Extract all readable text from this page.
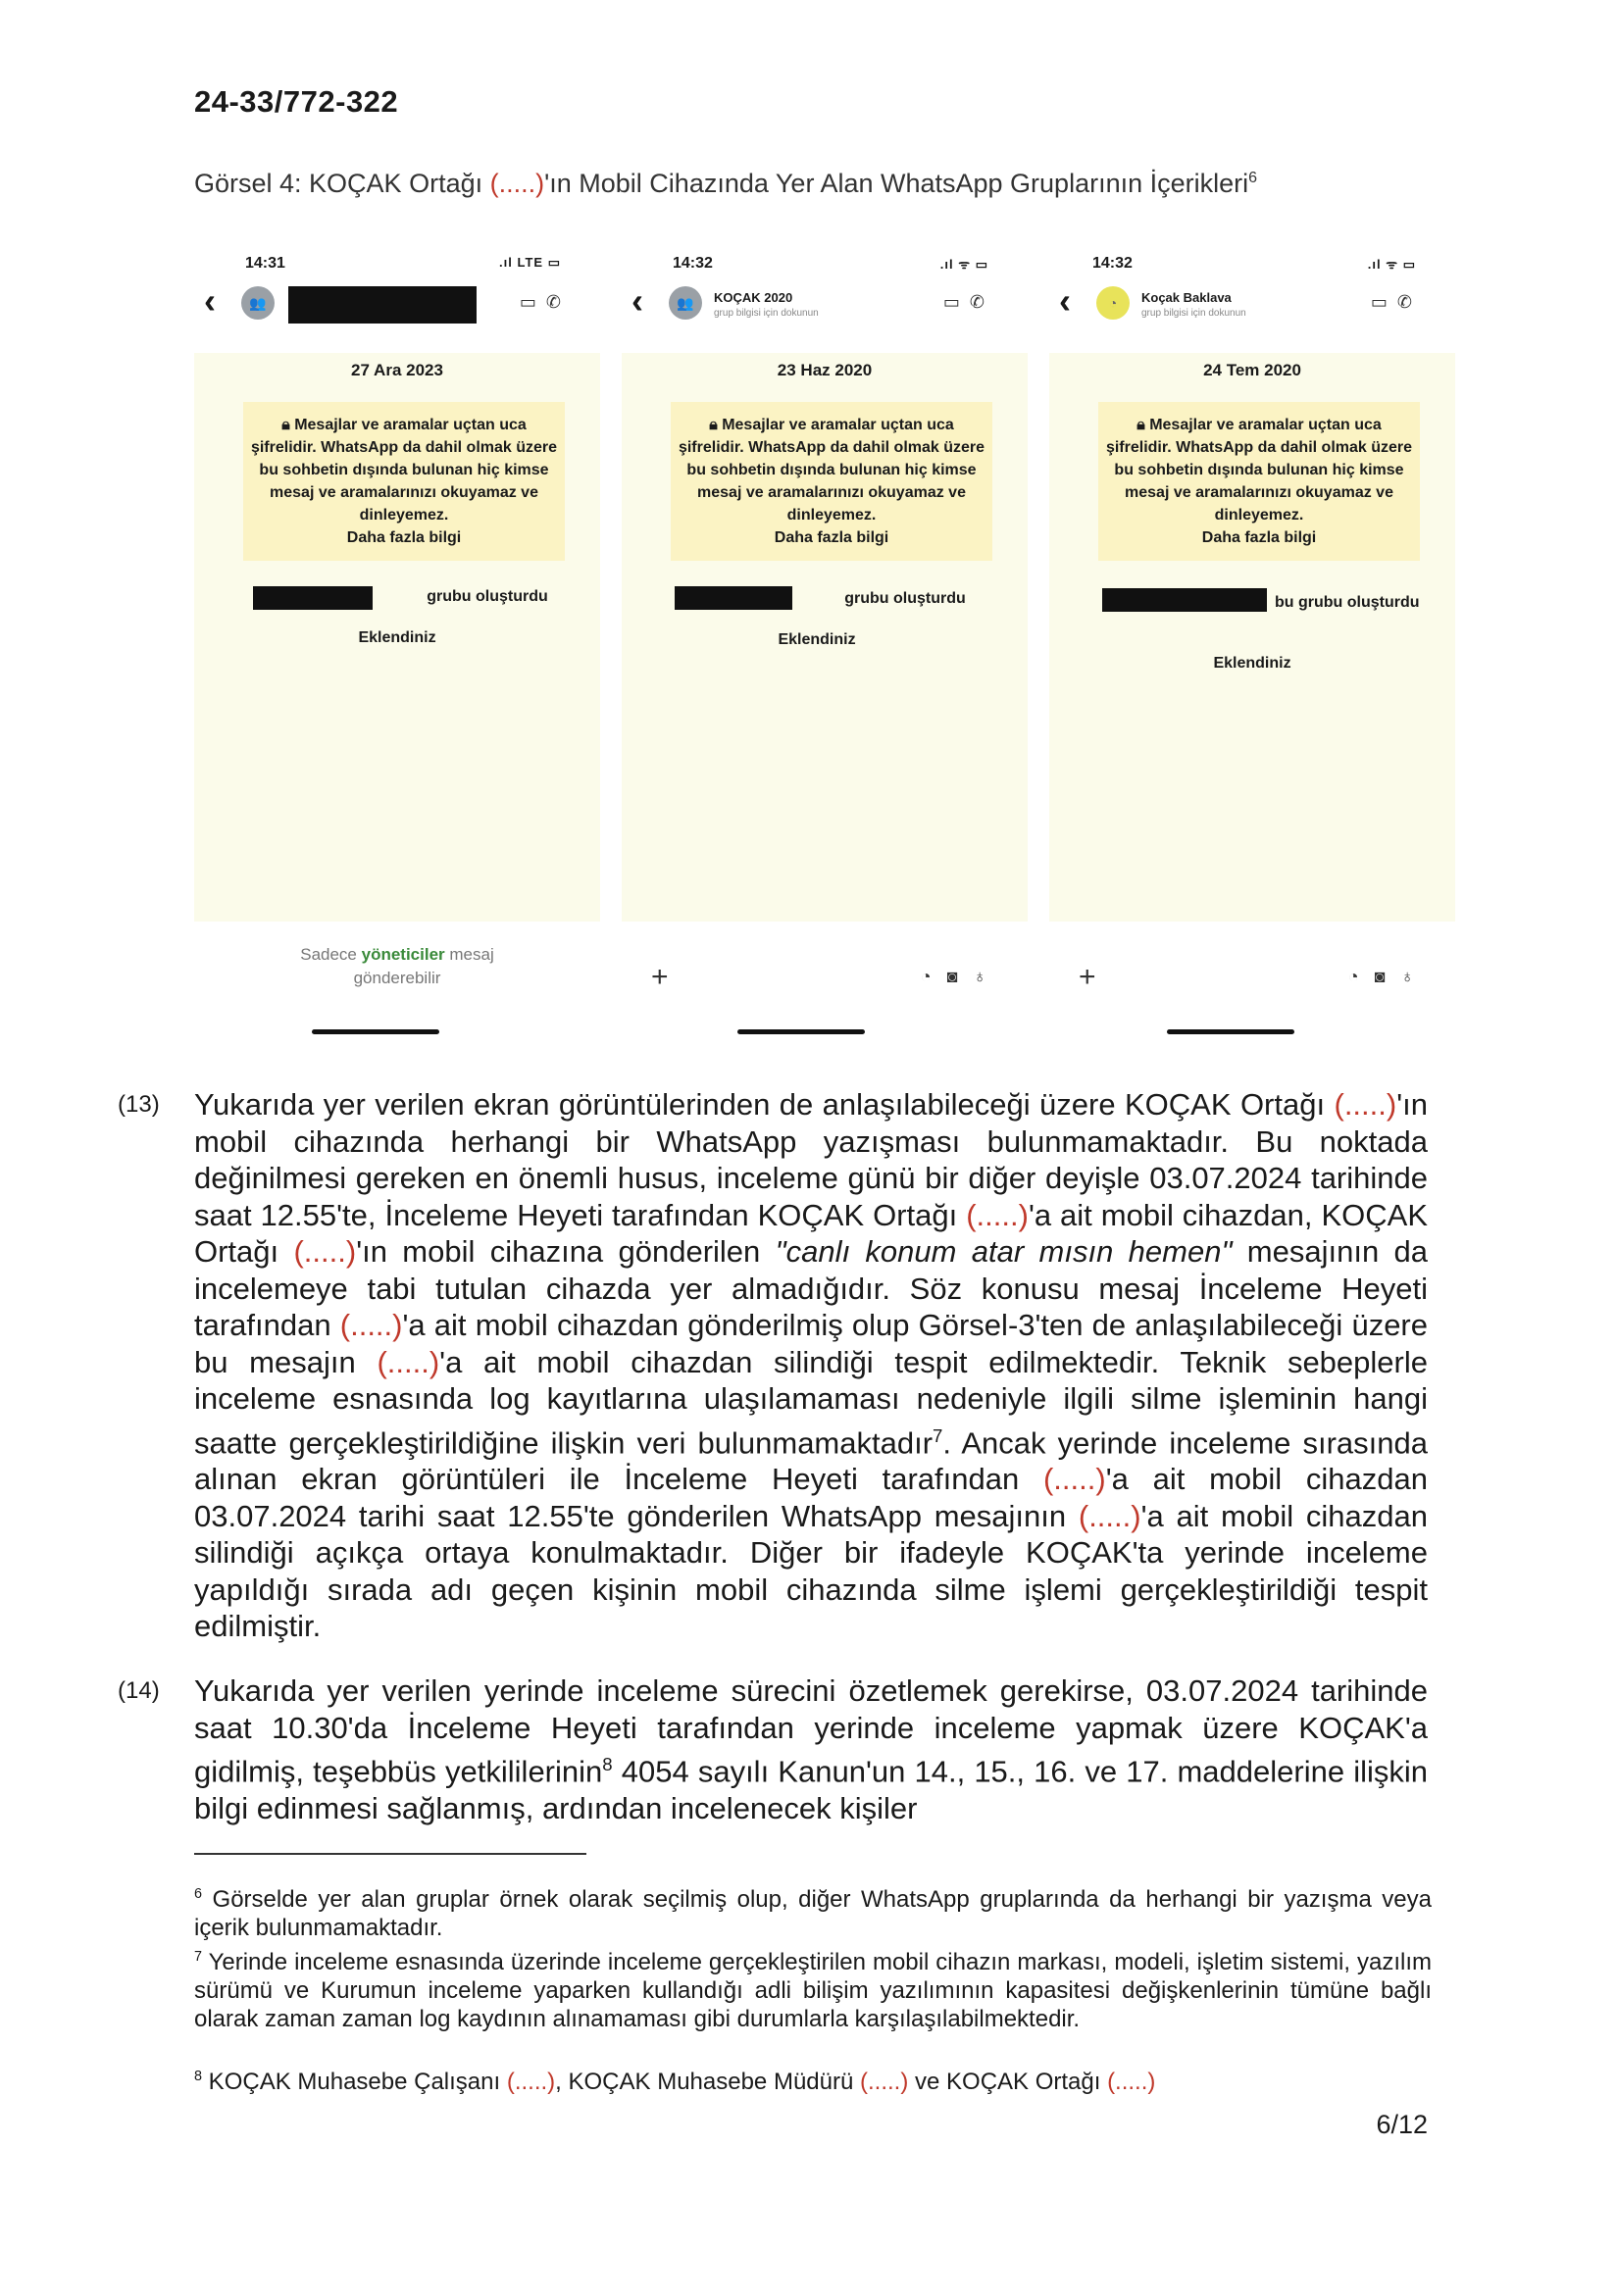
24-33/772-322
Görsel 4: KOÇAK Ortağı (.....)'ın Mobil Cihazında Yer Alan WhatsApp Gruplarının İçerikleri$^6$
14:31	.ıl LTE ▭
‹	👥	▭✆
27 Ara 2023
🔒︎ Mesajlar ve aramalar uçtan uca şifrelidir. WhatsApp da dahil olmak üzere bu sohbetin dışında bulunan hiç kimse mesaj ve aramalarınızı okuyamaz ve dinleyemez.
Daha fazla bilgi
grubu oluşturdu
Eklendiniz
Sadece yöneticiler mesaj
gönderebilir
14:32	.ıl ᯤ ▭
‹	👥	KOÇAK 2020
grup bilgisi için dokunun
▭✆
23 Haz 2020
🔒︎ Mesajlar ve aramalar uçtan uca şifrelidir. WhatsApp da dahil olmak üzere bu sohbetin dışında bulunan hiç kimse mesaj ve aramalarınızı okuyamaz ve dinleyemez.
Daha fazla bilgi
grubu oluşturdu
Eklendiniz
+	◔◙♁
14:32	.ıl ᯤ ▭
‹	◔	Koçak Baklava
grup bilgisi için dokunun
▭✆
24 Tem 2020
🔒︎ Mesajlar ve aramalar uçtan uca şifrelidir. WhatsApp da dahil olmak üzere bu sohbetin dışında bulunan hiç kimse mesaj ve aramalarınızı okuyamaz ve dinleyemez.
Daha fazla bilgi
bu grubu oluşturdu
Eklendiniz
+	◔◙♁
(13) Yukarıda yer verilen ekran görüntülerinden de anlaşılabileceği üzere KOÇAK Ortağı (.....)'ın mobil cihazında herhangi bir WhatsApp yazışması bulunmamaktadır. Bu noktada değinilmesi gereken en önemli husus, inceleme günü bir diğer deyişle 03.07.2024 tarihinde saat 12.55'te, İnceleme Heyeti tarafından KOÇAK Ortağı (.....)'a ait mobil cihazdan, KOÇAK Ortağı (.....)'ın mobil cihazına gönderilen "canlı konum atar mısın hemen" mesajının da incelemeye tabi tutulan cihazda yer almadığıdır. Söz konusu mesaj İnceleme Heyeti tarafından (.....)'a ait mobil cihazdan gönderilmiş olup Görsel-3'ten de anlaşılabileceği üzere bu mesajın (.....)'a ait mobil cihazdan silindiği tespit edilmektedir. Teknik sebeplerle inceleme esnasında log kayıtlarına ulaşılamaması nedeniyle ilgili silme işleminin hangi saatte gerçekleştirildiğine ilişkin veri bulunmamaktadır$^7$. Ancak yerinde inceleme sırasında alınan ekran görüntüleri ile İnceleme Heyeti tarafından (.....)'a ait mobil cihazdan 03.07.2024 tarihi saat 12.55'te gönderilen WhatsApp mesajının (.....)'a ait mobil cihazdan silindiği açıkça ortaya konulmaktadır. Diğer bir ifadeyle KOÇAK'ta yerinde inceleme yapıldığı sırada adı geçen kişinin mobil cihazında silme işlemi gerçekleştirildiği tespit edilmiştir.
(14) Yukarıda yer verilen yerinde inceleme sürecini özetlemek gerekirse, 03.07.2024 tarihinde saat 10.30'da İnceleme Heyeti tarafından yerinde inceleme yapmak üzere KOÇAK'a gidilmiş, teşebbüs yetkililerinin$^8$ 4054 sayılı Kanun'un 14., 15., 16. ve 17. maddelerine ilişkin bilgi edinmesi sağlanmış, ardından incelenecek kişiler
$^6$ Görselde yer alan gruplar örnek olarak seçilmiş olup, diğer WhatsApp gruplarında da herhangi bir yazışma veya içerik bulunmamaktadır.
$^7$ Yerinde inceleme esnasında üzerinde inceleme gerçekleştirilen mobil cihazın markası, modeli, işletim sistemi, yazılım sürümü ve Kurumun inceleme yaparken kullandığı adli bilişim yazılımının kapasitesi değişkenlerinin tümüne bağlı olarak zaman zaman log kaydının alınamaması gibi durumlarla karşılaşılabilmektedir.
$^8$ KOÇAK Muhasebe Çalışanı (.....), KOÇAK Muhasebe Müdürü (.....) ve KOÇAK Ortağı (.....)
6/12
